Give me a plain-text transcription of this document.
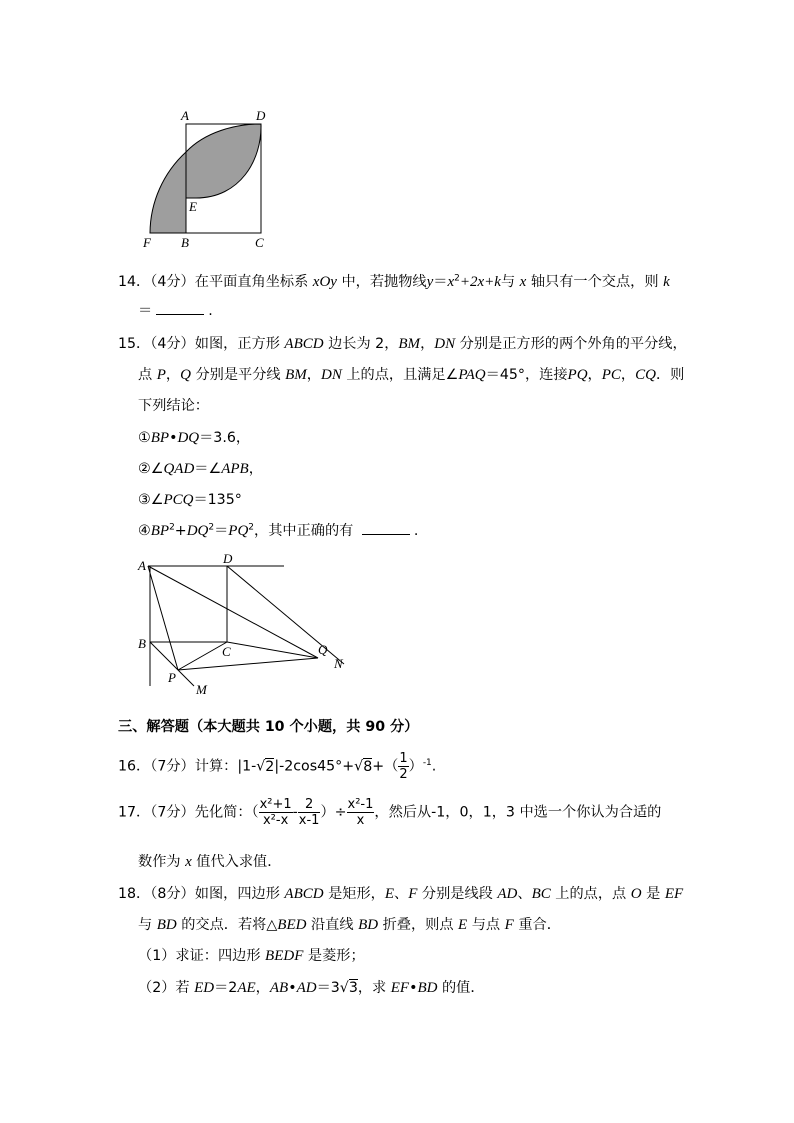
A	D
E
F B	C
14．（4分）在平面直角坐标系 xOy 中，若抛物线$y=x^2+2x+k$与 x 轴只有一个交点，则 k
＝	.
15．（4分）如图，正方形 ABCD 边长为 2，BM，DN 分别是正方形的两个外角的平分线，
点 P，Q 分别是平分线 BM，DN 上的点，且满足∠PAQ＝45°，连接PQ，PC，CQ．则
下列结论：
①BP•DQ＝3.6，
②∠QAD＝∠APB，
③∠PCQ＝135°
$④BP^2+DQ^2=PQ^2$，其中正确的有	.
A	D
B
C	Q
N
P
M
三、解答题（本大题共 10 个小题，共 90 分）
16．（7分）计算：$|1-√2|-2\cos 45^\circ+√8+( \frac{1}{2} )^{-1}$.
17．（7分）先化简：（ $\frac{\text{x²+1}}{\text{x²-x}} - \frac{2}{x-1}$ ）÷ $\frac{\text{x²-1}}{x}$ ，然后从-1，0，1，3 中选一个你认为合适的
数作为 x 值代入求值．
18．（8分）如图，四边形 ABCD 是矩形，E、F 分别是线段 AD、BC 上的点，点 O 是 EF
与 BD 的交点．若将△BED 沿直线 BD 折叠，则点 E 与点 F 重合．
（1）求证：四边形 BEDF 是菱形；
（2）若 ED＝2AE，AB•AD＝3√3，求 EF•BD 的值．
